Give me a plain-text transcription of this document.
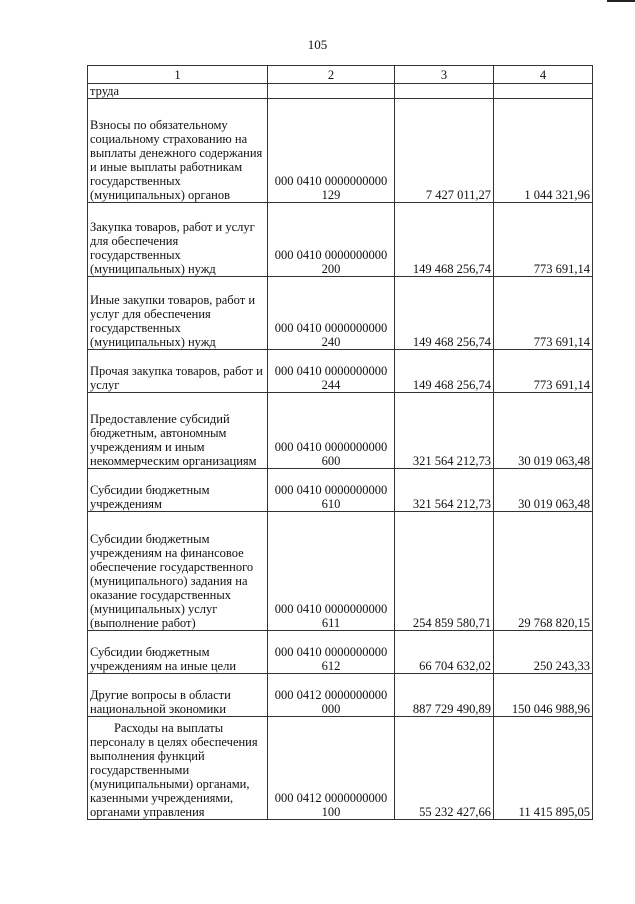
105
1	2	3	4
труда			
Взносы по обязательному социальному страхованию на выплаты денежного содержания и иные выплаты работникам государственных (муниципальных) органов	000 0410 0000000000 129	7 427 011,27	1 044 321,96
Закупка товаров, работ и услуг для обеспечения государственных (муниципальных) нужд	000 0410 0000000000 200	149 468 256,74	773 691,14
Иные закупки товаров, работ и услуг для обеспечения государственных (муниципальных) нужд	000 0410 0000000000 240	149 468 256,74	773 691,14
Прочая закупка товаров, работ и услуг	000 0410 0000000000 244	149 468 256,74	773 691,14
Предоставление субсидий бюджетным, автономным учреждениям и иным некоммерческим организациям	000 0410 0000000000 600	321 564 212,73	30 019 063,48
Субсидии бюджетным учреждениям	000 0410 0000000000 610	321 564 212,73	30 019 063,48
Субсидии бюджетным учреждениям на финансовое обеспечение государственного (муниципального) задания на оказание государственных (муниципальных) услуг (выполнение работ)	000 0410 0000000000 611	254 859 580,71	29 768 820,15
Субсидии бюджетным учреждениям на иные цели	000 0410 0000000000 612	66 704 632,02	250 243,33
Другие вопросы в области национальной экономики	000 0412 0000000000 000	887 729 490,89	150 046 988,96
Расходы на выплаты персоналу в целях обеспечения выполнения функций государственными (муниципальными) органами, казенными учреждениями, органами управления	000 0412 0000000000 100	55 232 427,66	11 415 895,05
